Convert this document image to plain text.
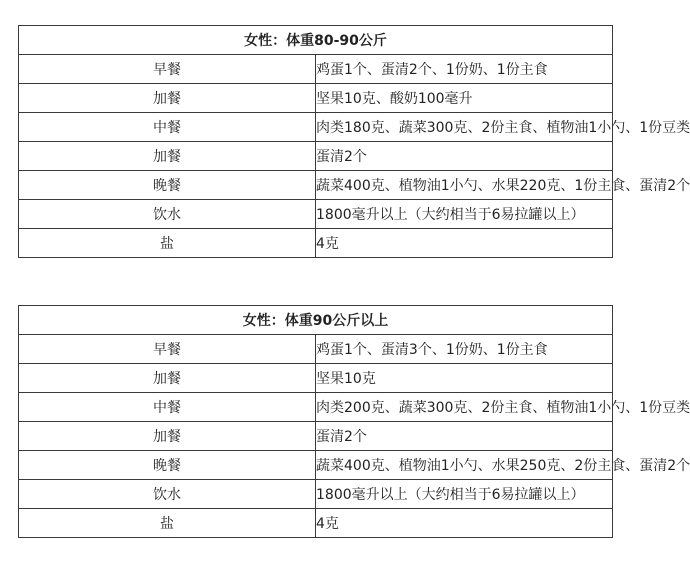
女性：体重80-90公斤	
早餐	鸡蛋1个、蛋清2个、1份奶、1份主食
加餐	坚果10克、酸奶100毫升
中餐	肉类180克、蔬菜300克、2份主食、植物油1小勺、1份豆类
加餐	蛋清2个
晚餐	蔬菜400克、植物油1小勺、水果220克、1份主食、蛋清2个
饮水	1800毫升以上（大约相当于6易拉罐以上）
盐	4克
女性：体重90公斤以上	
早餐	鸡蛋1个、蛋清3个、1份奶、1份主食
加餐	坚果10克
中餐	肉类200克、蔬菜300克、2份主食、植物油1小勺、1份豆类
加餐	蛋清2个
晚餐	蔬菜400克、植物油1小勺、水果250克、2份主食、蛋清2个
饮水	1800毫升以上（大约相当于6易拉罐以上）
盐	4克
